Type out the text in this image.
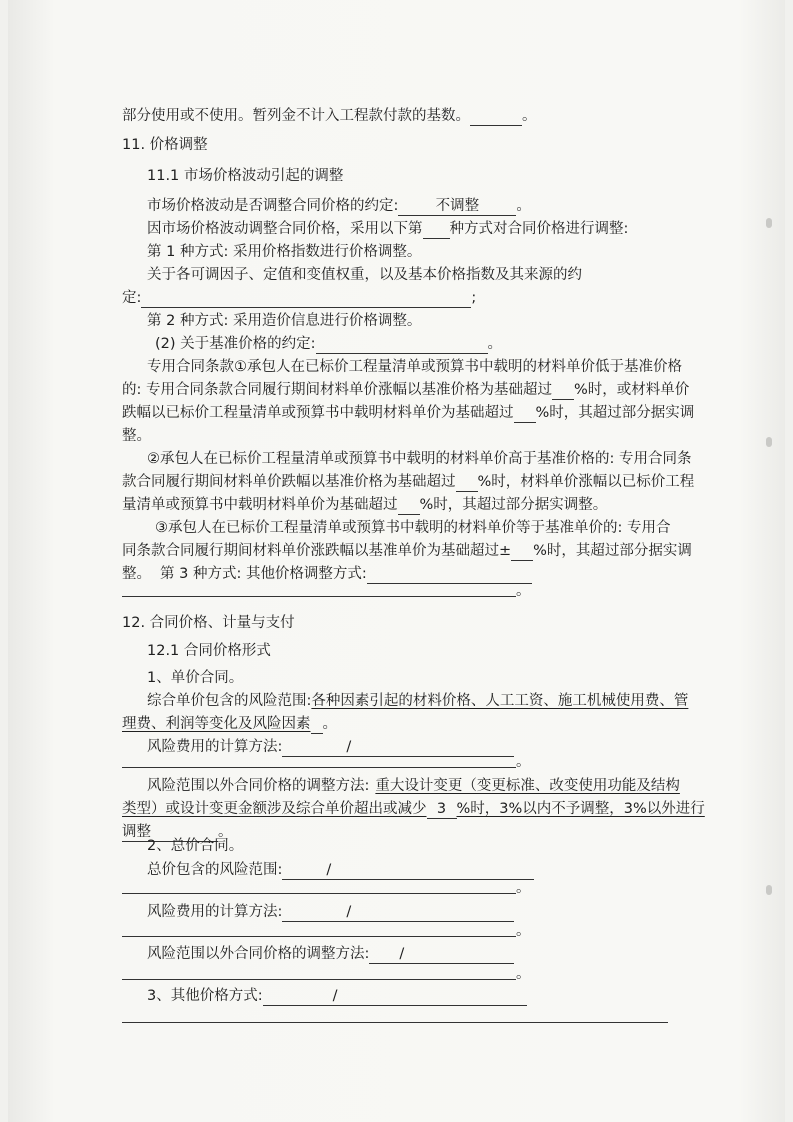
部分使用或不使用。暂列金不计入工程款付款的基数。	。
11. 价格调整
11.1 市场价格波动引起的调整
市场价格波动是否调整合同价格的约定:	不调整	。
因市场价格波动调整合同价格，采用以下第 种方式对合同价格进行调整:
第 1 种方式: 采用价格指数进行价格调整。
关于各可调因子、定值和变值权重，以及基本价格指数及其来源的约
定:	;
第 2 种方式: 采用造价信息进行价格调整。
(2) 关于基准价格的约定:	。
专用合同条款①承包人在已标价工程量清单或预算书中载明的材料单价低于基准价格
的: 专用合同条款合同履行期间材料单价涨幅以基准价格为基础超过 %时，或材料单价
跌幅以已标价工程量清单或预算书中载明材料单价为基础超过 %时，其超过部分据实调
整。
②承包人在已标价工程量清单或预算书中载明的材料单价高于基准价格的: 专用合同条
款合同履行期间材料单价跌幅以基准价格为基础超过 %时，材料单价涨幅以已标价工程
量清单或预算书中载明材料单价为基础超过 %时，其超过部分据实调整。
③承包人在已标价工程量清单或预算书中载明的材料单价等于基准单价的: 专用合
同条款合同履行期间材料单价涨跌幅以基准单价为基础超过± %时，其超过部分据实调
整。 第 3 种方式: 其他价格调整方式:
。
12. 合同价格、计量与支付
12.1 合同价格形式
1、单价合同。
综合单价包含的风险范围:各种因素引起的材料价格、人工工资、施工机械使用费、管
理费、利润等变化及风险因素 。
风险费用的计算方法:	/
。
风险范围以外合同价格的调整方法: 重大设计变更（变更标准、改变使用功能及结构
类型）或设计变更金额涉及综合单价超出或减少 3 %时，3%以内不予调整，3%以外进行
调整	。
2、总价合同。
总价包含的风险范围:	/
。
风险费用的计算方法:	/
。
风险范围以外合同价格的调整方法: /
。
3、其他价格方式:	/
